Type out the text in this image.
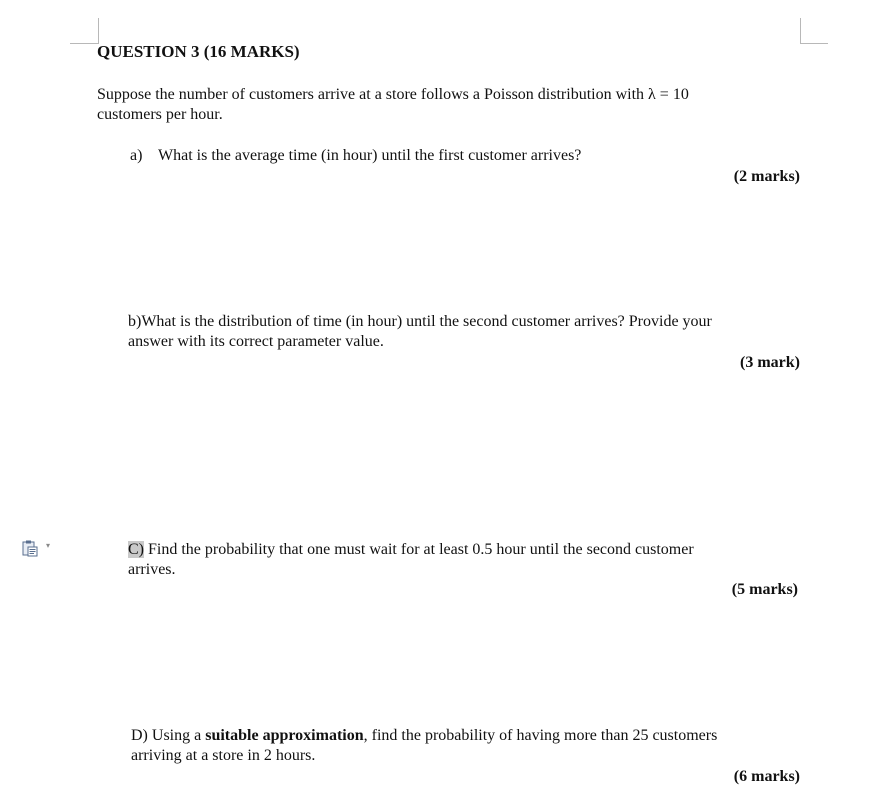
QUESTION 3 (16 MARKS)
Suppose the number of customers arrive at a store follows a Poisson distribution with λ = 10
customers per hour.
a) What is the average time (in hour) until the first customer arrives?
(2 marks)
b)What is the distribution of time (in hour) until the second customer arrives? Provide your
answer with its correct parameter value.
(3 mark)
C) Find the probability that one must wait for at least 0.5 hour until the second customer
arrives.
(5 marks)
D) Using a suitable approximation, find the probability of having more than 25 customers
arriving at a store in 2 hours.
(6 marks)
▾
